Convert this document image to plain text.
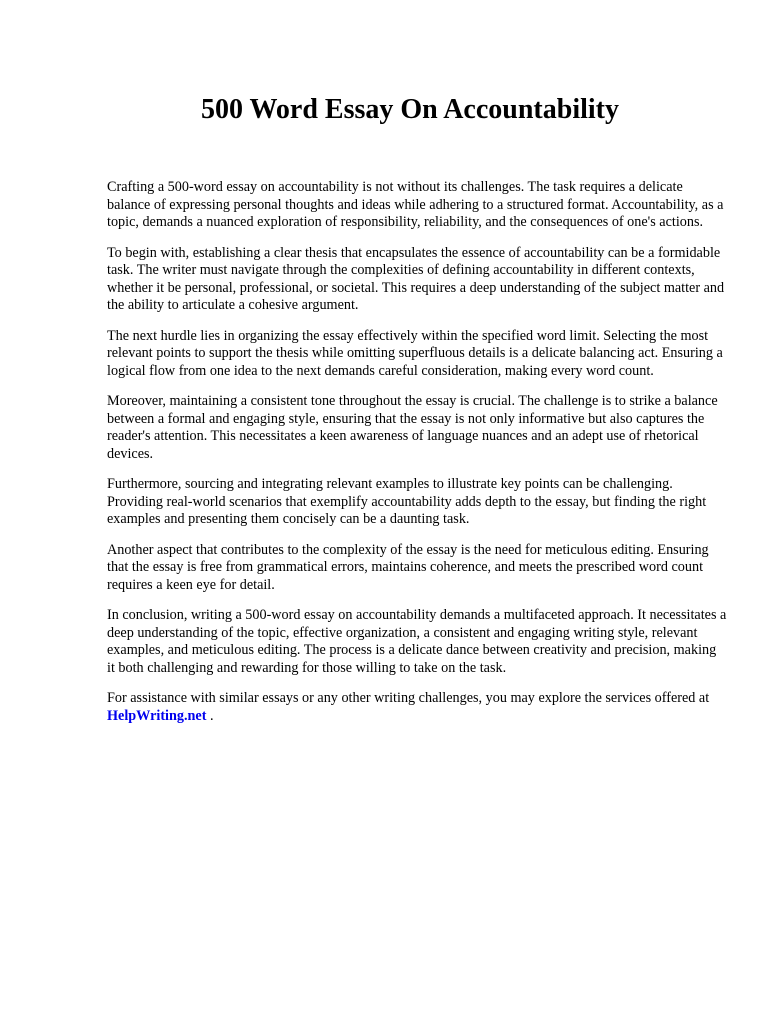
500 Word Essay On Accountability

Crafting a 500-word essay on accountability is not without its challenges. The task requires a delicate balance of expressing personal thoughts and ideas while adhering to a structured format. Accountability, as a topic, demands a nuanced exploration of responsibility, reliability, and the consequences of one's actions.

To begin with, establishing a clear thesis that encapsulates the essence of accountability can be a formidable task. The writer must navigate through the complexities of defining accountability in different contexts, whether it be personal, professional, or societal. This requires a deep understanding of the subject matter and the ability to articulate a cohesive argument.

The next hurdle lies in organizing the essay effectively within the specified word limit. Selecting the most relevant points to support the thesis while omitting superfluous details is a delicate balancing act. Ensuring a logical flow from one idea to the next demands careful consideration, making every word count.

Moreover, maintaining a consistent tone throughout the essay is crucial. The challenge is to strike a balance between a formal and engaging style, ensuring that the essay is not only informative but also captures the reader's attention. This necessitates a keen awareness of language nuances and an adept use of rhetorical devices.

Furthermore, sourcing and integrating relevant examples to illustrate key points can be challenging. Providing real-world scenarios that exemplify accountability adds depth to the essay, but finding the right examples and presenting them concisely can be a daunting task.

Another aspect that contributes to the complexity of the essay is the need for meticulous editing. Ensuring that the essay is free from grammatical errors, maintains coherence, and meets the prescribed word count requires a keen eye for detail.

In conclusion, writing a 500-word essay on accountability demands a multifaceted approach. It necessitates a deep understanding of the topic, effective organization, a consistent and engaging writing style, relevant examples, and meticulous editing. The process is a delicate dance between creativity and precision, making it both challenging and rewarding for those willing to take on the task.

For assistance with similar essays or any other writing challenges, you may explore the services offered at HelpWriting.net .
